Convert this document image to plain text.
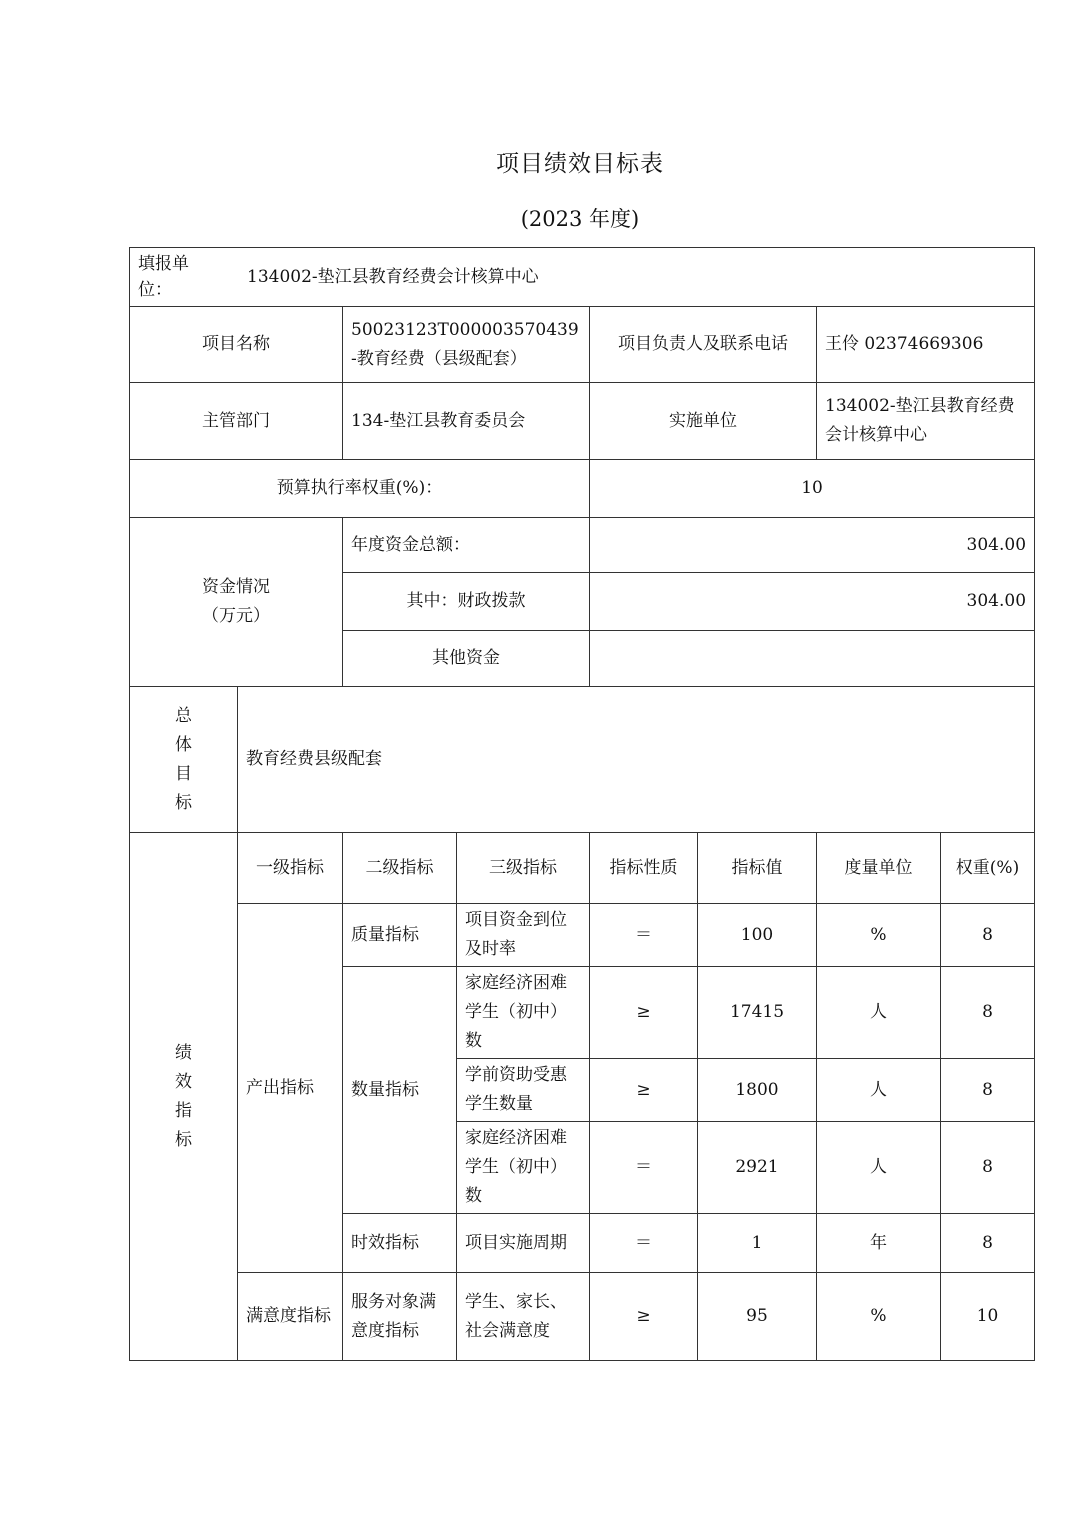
项目绩效目标表
(2023 年度)
填报单位：
134002-垫江县教育经费会计核算中心							

项目名称		50023123T000003570439-教育经费（县级配套）		项目负责人及联系电话		王伶 02374669306	
主管部门		134-垫江县教育委员会		实施单位		134002-垫江县教育经费会计核算中心	
预算执行率权重(%)：				10			

资金情况（万元）		年度资金总额：		304.00			
		其中：财政拨款		304.00			
		其他资金					

总体目标	教育经费县级配套						

绩效指标	一级指标	二级指标	三级指标	指标性质	指标值	度量单位	权重(%)
	产出指标	质量指标	项目资金到位及时率	＝	100	%	8
		数量指标	家庭经济困难学生（初中）数	≥	17415	人	8
			学前资助受惠学生数量	≥	1800	人	8
			家庭经济困难学生（初中）数	＝	2921	人	8
		时效指标	项目实施周期	＝	1	年	8
	满意度指标	服务对象满意度指标	学生、家长、社会满意度	≥	95	%	10
